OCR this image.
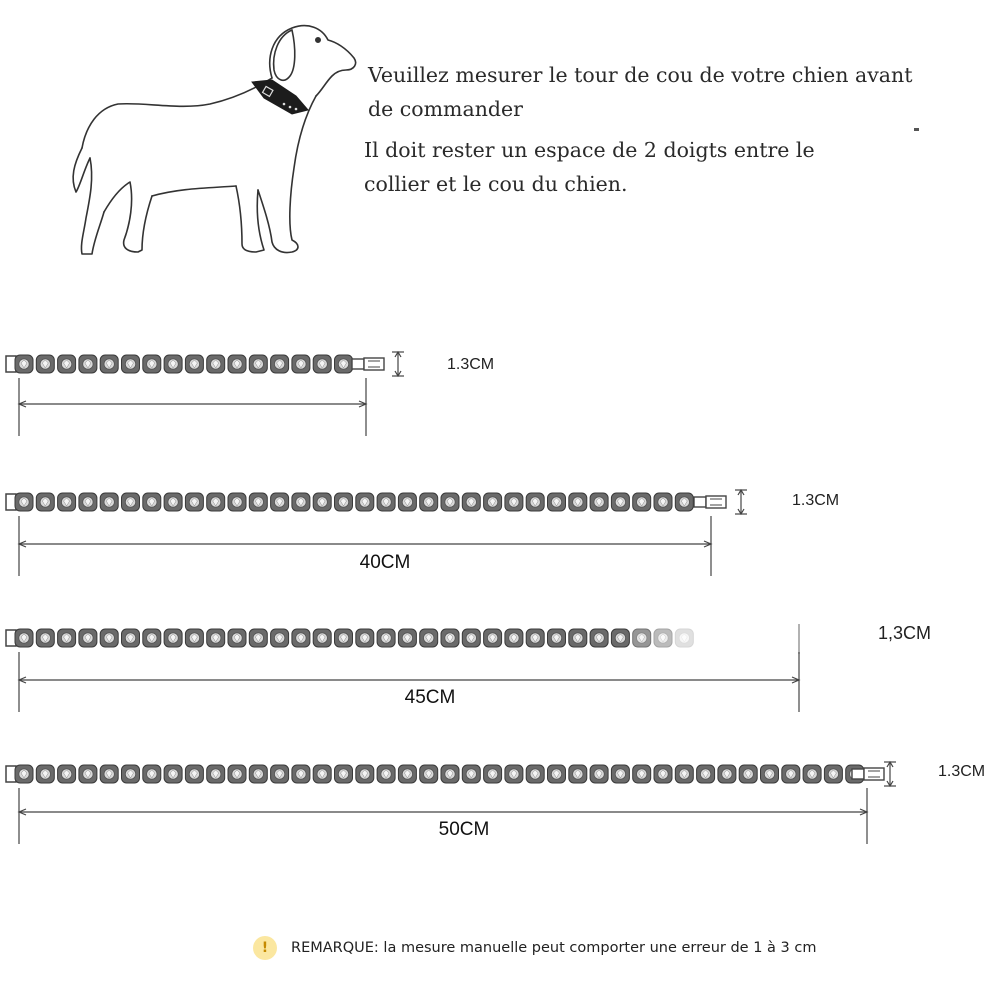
Veuillez mesurer le tour de cou de votre chien avant

de commander

Il doit rester un espace de 2 doigts entre le

collier et le cou du chien.

1.3CM
1.3CM
40CM
1,3CM
45CM
1.3CM
50CM
!	REMARQUE: la mesure manuelle peut comporter une erreur de 1 à 3 cm
